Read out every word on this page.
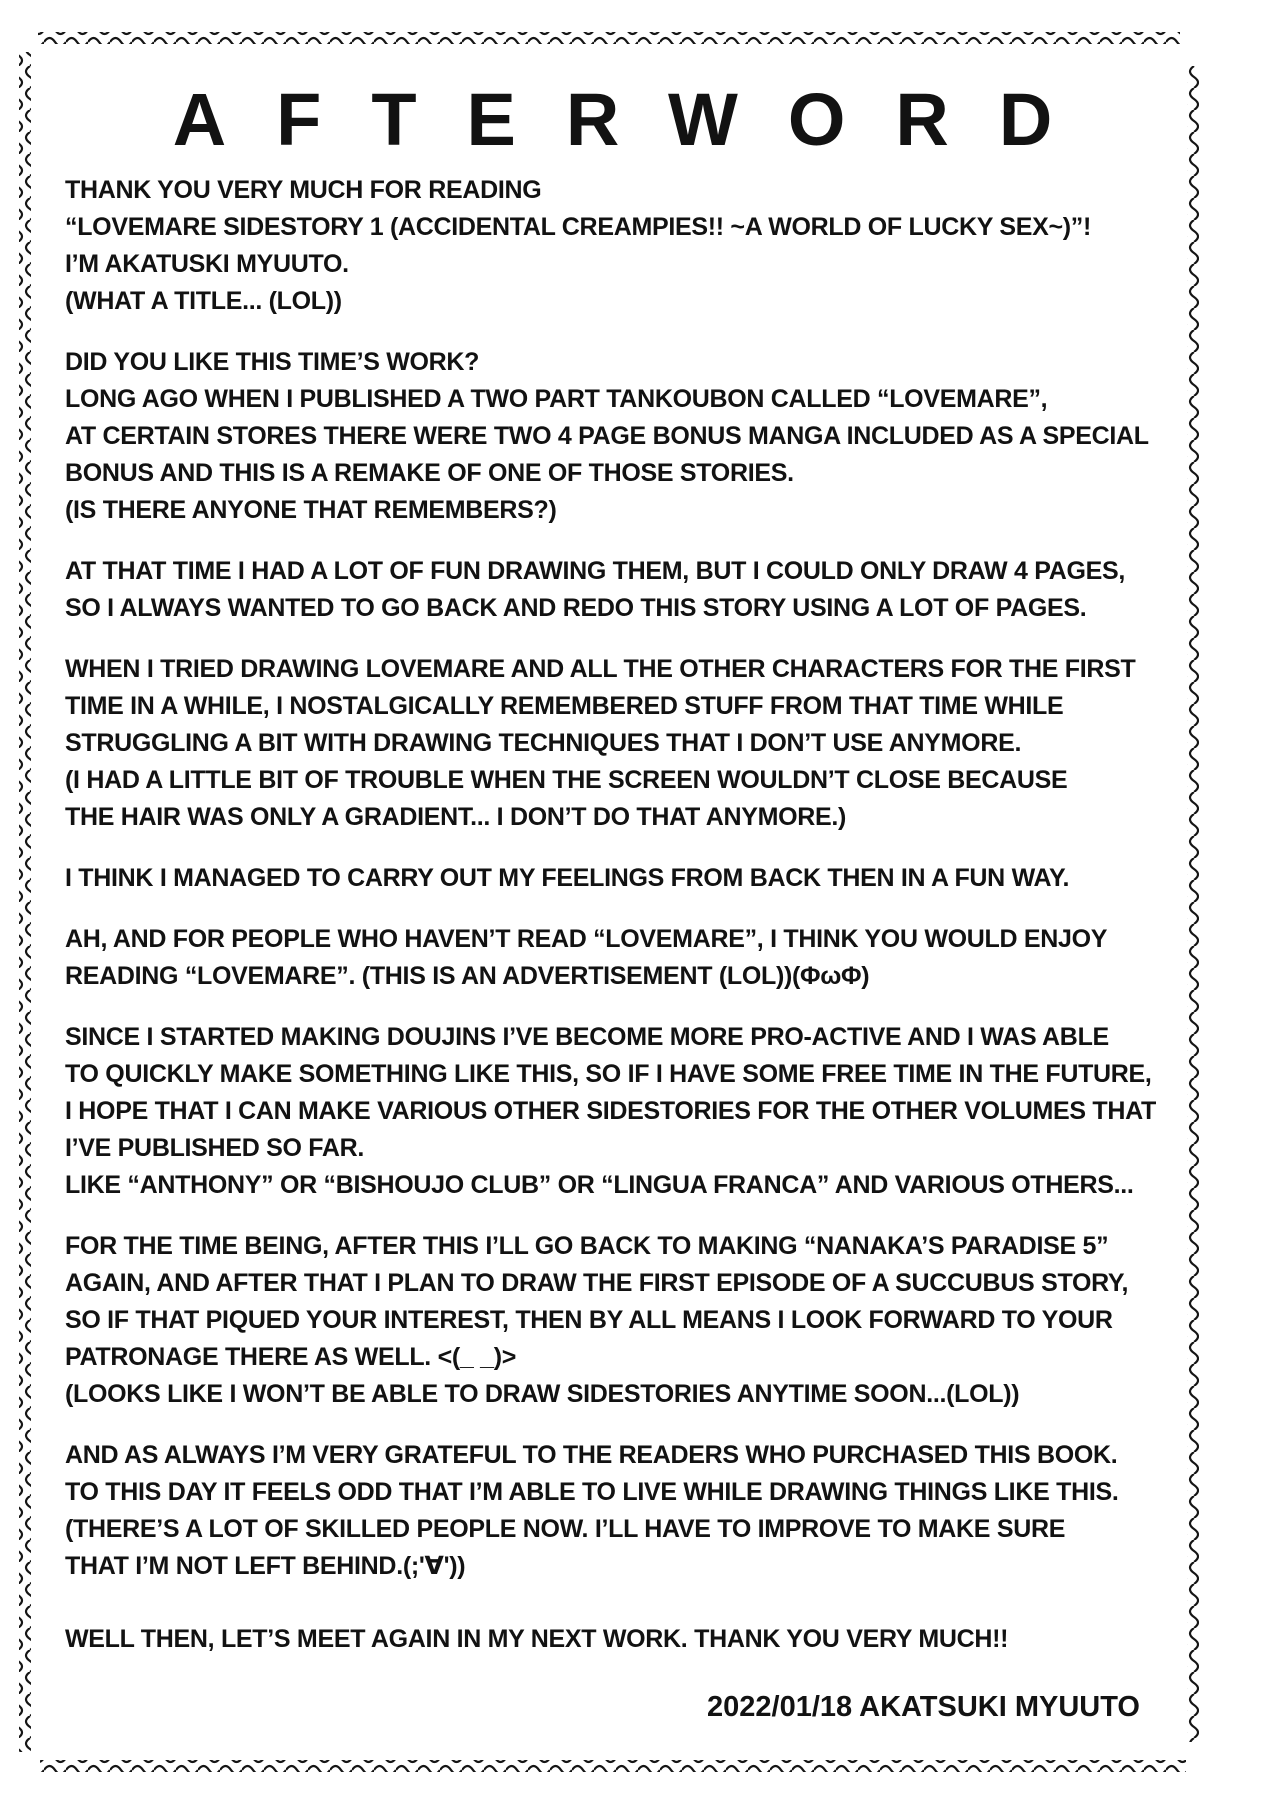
AFTERWORD
THANK YOU VERY MUCH FOR READING
“LOVEMARE SIDESTORY 1 (ACCIDENTAL CREAMPIES!! ~A WORLD OF LUCKY SEX~)”!
I’M AKATUSKI MYUUTO.
(WHAT A TITLE... (LOL))
DID YOU LIKE THIS TIME’S WORK?
LONG AGO WHEN I PUBLISHED A TWO PART TANKOUBON CALLED “LOVEMARE”,
AT CERTAIN STORES THERE WERE TWO 4 PAGE BONUS MANGA INCLUDED AS A SPECIAL
BONUS AND THIS IS A REMAKE OF ONE OF THOSE STORIES.
(IS THERE ANYONE THAT REMEMBERS?)
AT THAT TIME I HAD A LOT OF FUN DRAWING THEM, BUT I COULD ONLY DRAW 4 PAGES,
SO I ALWAYS WANTED TO GO BACK AND REDO THIS STORY USING A LOT OF PAGES.
WHEN I TRIED DRAWING LOVEMARE AND ALL THE OTHER CHARACTERS FOR THE FIRST
TIME IN A WHILE, I NOSTALGICALLY REMEMBERED STUFF FROM THAT TIME WHILE
STRUGGLING A BIT WITH DRAWING TECHNIQUES THAT I DON’T USE ANYMORE.
(I HAD A LITTLE BIT OF TROUBLE WHEN THE SCREEN WOULDN’T CLOSE BECAUSE
THE HAIR WAS ONLY A GRADIENT... I DON’T DO THAT ANYMORE.)
I THINK I MANAGED TO CARRY OUT MY FEELINGS FROM BACK THEN IN A FUN WAY.
AH, AND FOR PEOPLE WHO HAVEN’T READ “LOVEMARE”, I THINK YOU WOULD ENJOY
READING “LOVEMARE”. (THIS IS AN ADVERTISEMENT (LOL))(ΦωΦ)
SINCE I STARTED MAKING DOUJINS I’VE BECOME MORE PRO-ACTIVE AND I WAS ABLE
TO QUICKLY MAKE SOMETHING LIKE THIS, SO IF I HAVE SOME FREE TIME IN THE FUTURE,
I HOPE THAT I CAN MAKE VARIOUS OTHER SIDESTORIES FOR THE OTHER VOLUMES THAT
I’VE PUBLISHED SO FAR.
LIKE “ANTHONY” OR “BISHOUJO CLUB” OR “LINGUA FRANCA” AND VARIOUS OTHERS...
FOR THE TIME BEING, AFTER THIS I’LL GO BACK TO MAKING “NANAKA’S PARADISE 5”
AGAIN, AND AFTER THAT I PLAN TO DRAW THE FIRST EPISODE OF A SUCCUBUS STORY,
SO IF THAT PIQUED YOUR INTEREST, THEN BY ALL MEANS I LOOK FORWARD TO YOUR
PATRONAGE THERE AS WELL. <(_ _)>
(LOOKS LIKE I WON’T BE ABLE TO DRAW SIDESTORIES ANYTIME SOON...(LOL))
AND AS ALWAYS I’M VERY GRATEFUL TO THE READERS WHO PURCHASED THIS BOOK.
TO THIS DAY IT FEELS ODD THAT I’M ABLE TO LIVE WHILE DRAWING THINGS LIKE THIS.
(THERE’S A LOT OF SKILLED PEOPLE NOW. I’LL HAVE TO IMPROVE TO MAKE SURE
THAT I’M NOT LEFT BEHIND.(;'∀'))
WELL THEN, LET’S MEET AGAIN IN MY NEXT WORK. THANK YOU VERY MUCH!!
2022/01/18 AKATSUKI MYUUTO
